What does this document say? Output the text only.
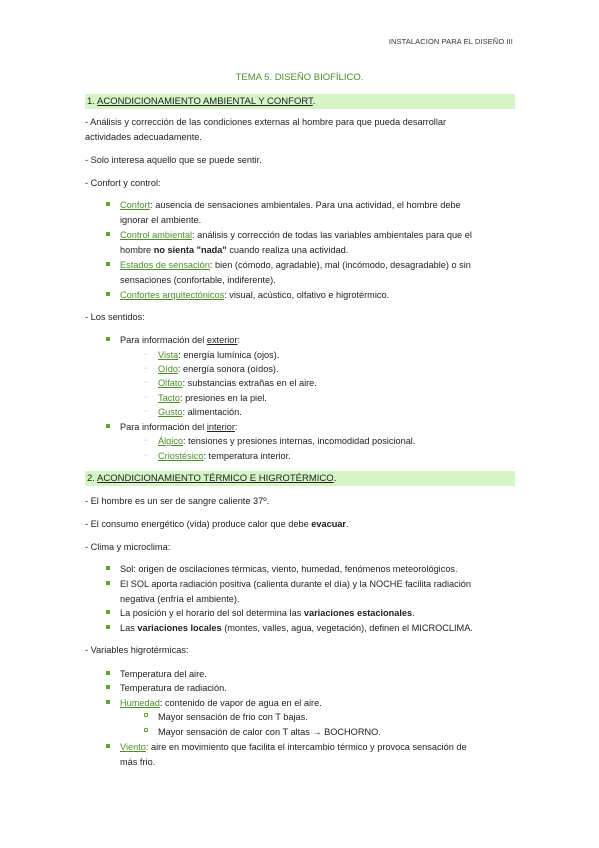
INSTALACION PARA EL DISEÑO III
TEMA 5. DISEÑO BIOFÍLICO.
1. ACONDICIONAMIENTO AMBIENTAL Y CONFORT.
- Análisis y corrección de las condiciones externas al hombre para que pueda desarrollar
actividades adecuadamente.
- Solo interesa aquello que se puede sentir.
- Confort y control:
Confort: ausencia de sensaciones ambientales. Para una actividad, el hombre debe
ignorar el ambiente.
Control ambiental: análisis y corrección de todas las variables ambientales para que el
hombre no sienta "nada" cuando realiza una actividad.
Estados de sensación: bien (cómodo, agradable), mal (incómodo, desagradable) o sin
sensaciones (confortable, indiferente).
Confortes arquitectónicos: visual, acústico, olfativo e higrotérmico.
- Los sentidos:
Para información del exterior:
·· Vista: energía lumínica (ojos).
·· Oído: energía sonora (oídos).
·· Olfato: substancias extrañas en el aire.
·· Tacto: presiones en la piel.
·· Gusto: alimentación.
Para información del interior:
·· Álgico: tensiones y presiones internas, incomodidad posicional.
·· Criostésico: temperatura interior.
2. ACONDICIONAMIENTO TÉRMICO E HIGROTÉRMICO.
- El hombre es un ser de sangre caliente 37º.
- El consumo energético (vida) produce calor que debe evacuar.
- Clima y microclima:
Sol: origen de oscilaciones térmicas, viento, humedad, fenómenos meteorológicos.
El SOL aporta radiación positiva (calienta durante el día) y la NOCHE facilita radiación
negativa (enfría el ambiente).
La posición y el horario del sol determina las variaciones estacionales.
Las variaciones locales (montes, valles, agua, vegetación), definen el MICROCLIMA.
- Variables higrotérmicas:
Temperatura del aire.
Temperatura de radiación.
Humedad: contenido de vapor de agua en el aire.
Mayor sensación de frio con T bajas.
Mayor sensación de calor con T altas → BOCHORNO.
Viento: aire en movimiento que facilita el intercambio térmico y provoca sensación de
más frio.
